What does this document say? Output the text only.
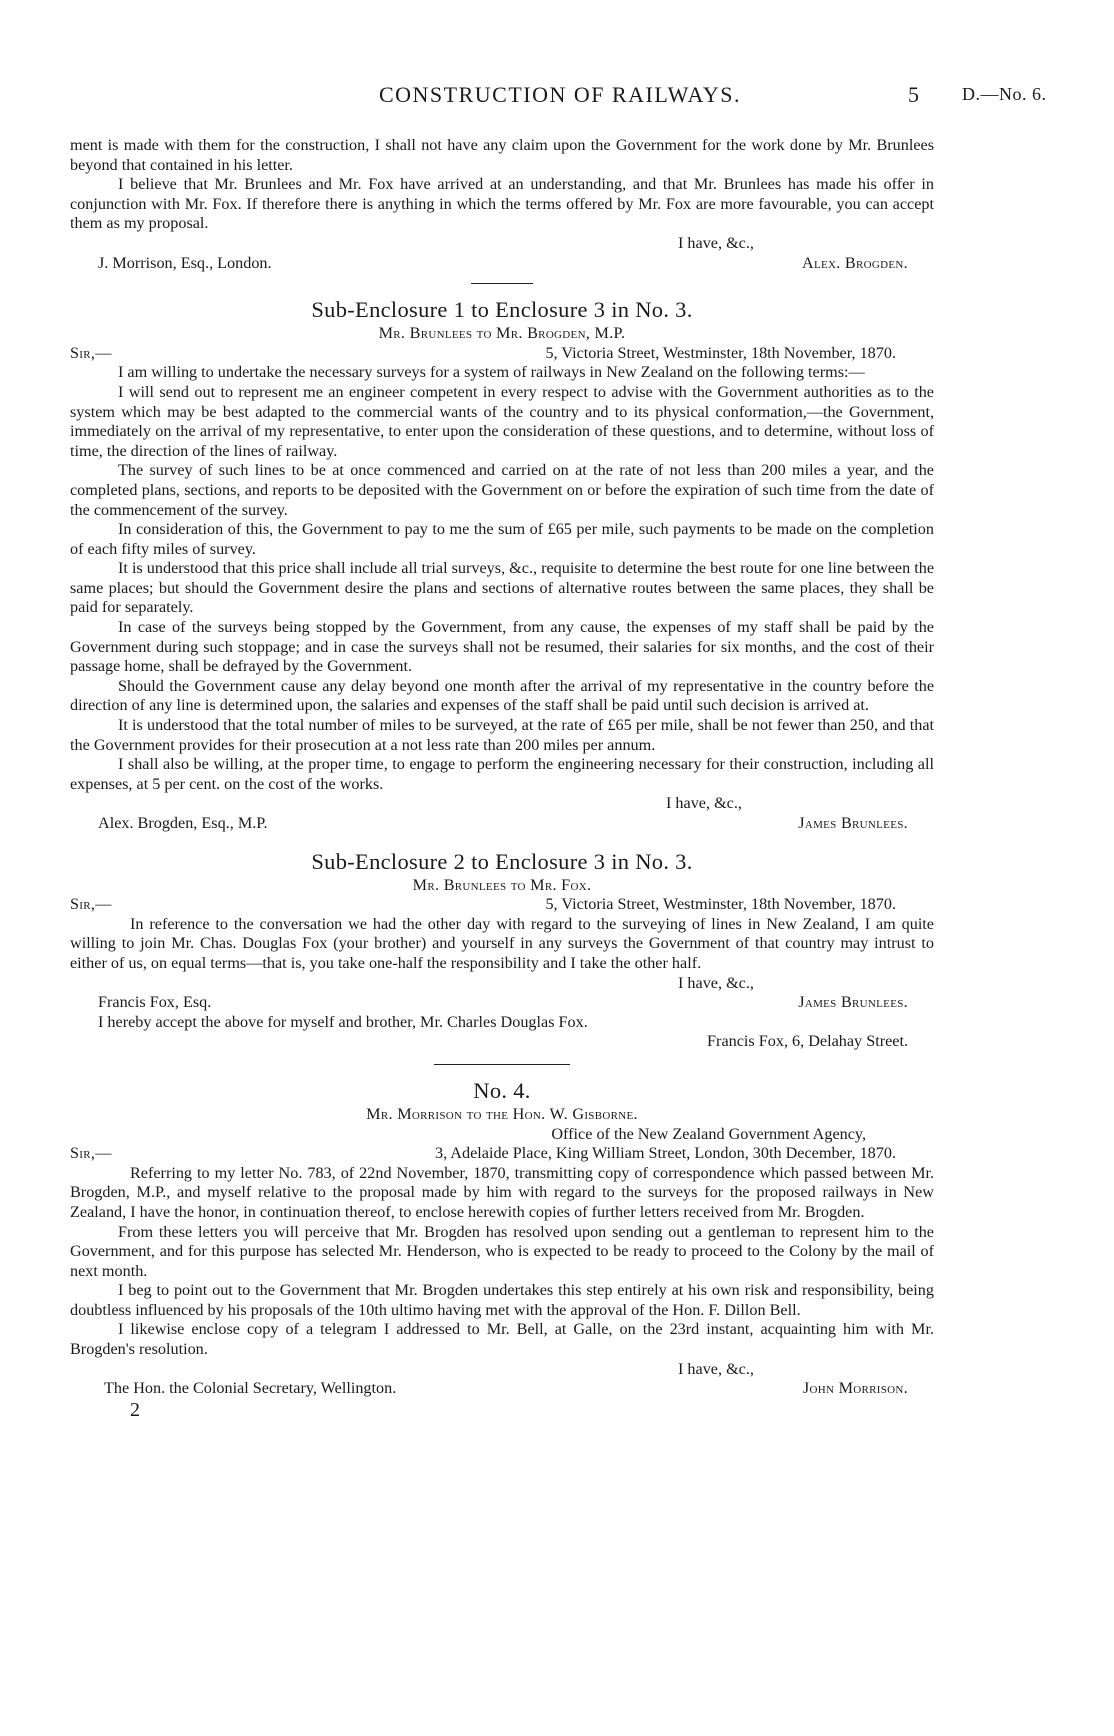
CONSTRUCTION OF RAILWAYS.	5 D.—No. 6.

ment is made with them for the construction, I shall not have any claim upon the Government for the work done by Mr. Brunlees beyond that contained in his letter.

I believe that Mr. Brunlees and Mr. Fox have arrived at an understanding, and that Mr. Brunlees has made his offer in conjunction with Mr. Fox. If therefore there is anything in which the terms offered by Mr. Fox are more favourable, you can accept them as my proposal.

I have, &c.,
J. Morrison, Esq., London.	Alex. Brogden.
Sub-Enclosure 1 to Enclosure 3 in No. 3.
Mr. Brunlees to Mr. Brogden, M.P.
Sir,—	5, Victoria Street, Westminster, 18th November, 1870.

I am willing to undertake the necessary surveys for a system of railways in New Zealand on the following terms:—

I will send out to represent me an engineer competent in every respect to advise with the Government authorities as to the system which may be best adapted to the commercial wants of the country and to its physical conformation,—the Government, immediately on the arrival of my representative, to enter upon the consideration of these questions, and to determine, without loss of time, the direction of the lines of railway.

The survey of such lines to be at once commenced and carried on at the rate of not less than 200 miles a year, and the completed plans, sections, and reports to be deposited with the Government on or before the expiration of such time from the date of the commencement of the survey.

In consideration of this, the Government to pay to me the sum of £65 per mile, such payments to be made on the completion of each fifty miles of survey.

It is understood that this price shall include all trial surveys, &c., requisite to determine the best route for one line between the same places; but should the Government desire the plans and sections of alternative routes between the same places, they shall be paid for separately.

In case of the surveys being stopped by the Government, from any cause, the expenses of my staff shall be paid by the Government during such stoppage; and in case the surveys shall not be resumed, their salaries for six months, and the cost of their passage home, shall be defrayed by the Government.

Should the Government cause any delay beyond one month after the arrival of my representative in the country before the direction of any line is determined upon, the salaries and expenses of the staff shall be paid until such decision is arrived at.

It is understood that the total number of miles to be surveyed, at the rate of £65 per mile, shall be not fewer than 250, and that the Government provides for their prosecution at a not less rate than 200 miles per annum.

I shall also be willing, at the proper time, to engage to perform the engineering necessary for their construction, including all expenses, at 5 per cent. on the cost of the works.

I have, &c.,
Alex. Brogden, Esq., M.P.	James Brunlees.
Sub-Enclosure 2 to Enclosure 3 in No. 3.
Mr. Brunlees to Mr. Fox.
Sir,—	5, Victoria Street, Westminster, 18th November, 1870.

In reference to the conversation we had the other day with regard to the surveying of lines in New Zealand, I am quite willing to join Mr. Chas. Douglas Fox (your brother) and yourself in any surveys the Government of that country may intrust to either of us, on equal terms—that is, you take one-half the responsibility and I take the other half.

I have, &c.,
Francis Fox, Esq.	James Brunlees.
I hereby accept the above for myself and brother, Mr. Charles Douglas Fox.
Francis Fox, 6, Delahay Street.
No. 4.
Mr. Morrison to the Hon. W. Gisborne.
Office of the New Zealand Government Agency,
Sir,—	3, Adelaide Place, King William Street, London, 30th December, 1870.

Referring to my letter No. 783, of 22nd November, 1870, transmitting copy of correspondence which passed between Mr. Brogden, M.P., and myself relative to the proposal made by him with regard to the surveys for the proposed railways in New Zealand, I have the honor, in continuation thereof, to enclose herewith copies of further letters received from Mr. Brogden.

From these letters you will perceive that Mr. Brogden has resolved upon sending out a gentleman to represent him to the Government, and for this purpose has selected Mr. Henderson, who is expected to be ready to proceed to the Colony by the mail of next month.

I beg to point out to the Government that Mr. Brogden undertakes this step entirely at his own risk and responsibility, being doubtless influenced by his proposals of the 10th ultimo having met with the approval of the Hon. F. Dillon Bell.

I likewise enclose copy of a telegram I addressed to Mr. Bell, at Galle, on the 23rd instant, acquainting him with Mr. Brogden's resolution.

I have, &c.,
The Hon. the Colonial Secretary, Wellington.	John Morrison.
2
